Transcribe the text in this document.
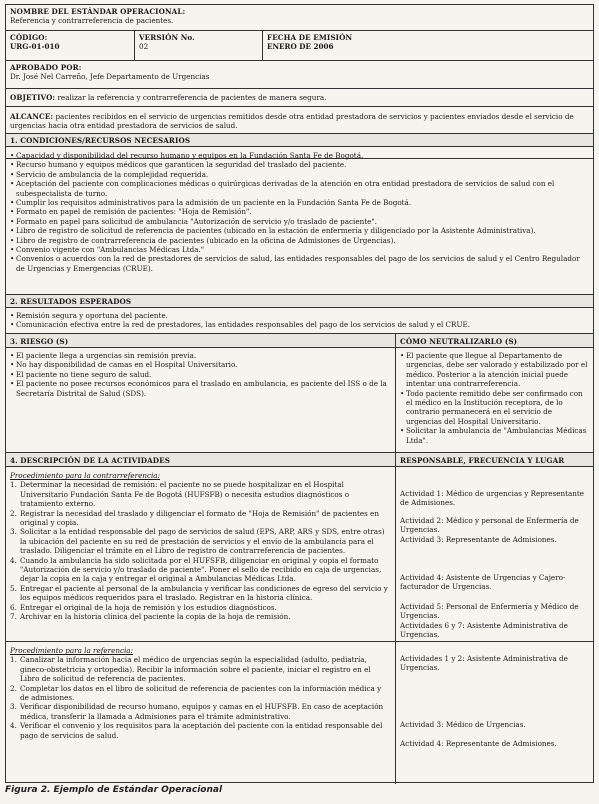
NOMBRE DEL ESTÁNDAR OPERACIONAL:
Referencia y contrarreferencia de pacientes.
CÓDIGO:
URG-01-010
VERSIÓN No.
02
FECHA DE EMISIÓN
ENERO DE 2006
APROBADO POR:
Dr. José Nel Carreño, Jefe Departamento de Urgencias
OBJETIVO: realizar la referencia y contrarreferencia de pacientes de manera segura.
ALCANCE: pacientes recibidos en el servicio de urgencias remitidos desde otra entidad prestadora de servicios y pacientes enviados desde el servicio de urgencias hacia otra entidad prestadora de servicios de salud.
1. CONDICIONES/RECURSOS NECESARIOS
• Capacidad y disponibilidad del recurso humano y equipos en la Fundación Santa Fe de Bogotá.
• Recurso humano y equipos médicos que garanticen la seguridad del traslado del paciente.
• Servicio de ambulancia de la complejidad requerida.
• Aceptación del paciente con complicaciones médicas o quirúrgicas derivadas de la atención en otra entidad prestadora de servicios de salud con el subespecialista de turno.
• Cumplir los requisitos administrativos para la admisión de un paciente en la Fundación Santa Fe de Bogotá.
• Formato en papel de remisión de pacientes: "Hoja de Remisión".
• Formato en papel para solicitud de ambulancia "Autorización de servicio y/o traslado de paciente".
• Libro de registro de solicitud de referencia de pacientes (ubicado en la estación de enfermería y diligenciado por la Asistente Administrativa).
• Libro de registro de contrarreferencia de pacientes (ubicado en la oficina de Admisiones de Urgencias).
• Convenio vigente con "Ambulancias Médicas Ltda."
• Convenios o acuerdos con la red de prestadores de servicios de salud, las entidades responsables del pago de los servicios de salud y el Centro Regulador de Urgencias y Emergencias (CRUE).
2. RESULTADOS ESPERADOS
• Remisión segura y oportuna del paciente.
• Comunicación efectiva entre la red de prestadores, las entidades responsables del pago de los servicios de salud y el CRUE.
3. RIESGO (S)	CÓMO NEUTRALIZARLO (S)
• El paciente llega a urgencias sin remisión previa.
• No hay disponibilidad de camas en el Hospital Universitario.
• El paciente no tiene seguro de salud.
• El paciente no posee recursos económicos para el traslado en ambulancia, es paciente del ISS o de la Secretaría Distrital de Salud (SDS).
• El paciente que llegue al Departamento de urgencias, debe ser valorado y estabilizado por el médico. Posterior a la atención inicial puede intentar una contrarreferencia.
• Todo paciente remitido debe ser confirmado con el médico en la Institución receptora, de lo contrario permanecerá en el servicio de urgencias del Hospital Universitario.
• Solicitar la ambulancia de "Ambulancias Médicas Ltda".
4. DESCRIPCIÓN DE LA ACTIVIDADES	RESPONSABLE, FRECUENCIA Y LUGAR
Procedimiento para la contrarreferencia:
1. Determinar la necesidad de remisión: el paciente no se puede hospitalizar en el Hospital Universitario Fundación Santa Fe de Bogotá (HUFSFB) o necesita estudios diagnósticos o tratamiento externo.
2. Registrar la necesidad del traslado y diligenciar el formato de "Hoja de Remisión" de pacientes en original y copia.
3. Solicitar a la entidad responsable del pago de servicios de salud (EPS, ARP, ARS y SDS, entre otras) la ubicación del paciente en su red de prestación de servicios y el envío de la ambulancia para el traslado. Diligenciar el trámite en el Libro de registro de contrarreferencia de pacientes.
4. Cuando la ambulancia ha sido solicitada por el HUFSFB, diligenciar en original y copia el formato "Autorización de servicio y/o traslado de paciente". Poner el sello de recibido en caja de urgencias, dejar la copia en la caja y entregar el original a Ambulancias Médicas Ltda.
5. Entregar el paciente al personal de la ambulancia y verificar las condiciones de egreso del servicio y los equipos médicos requeridos para el traslado. Registrar en la historia clínica.
6. Entregar el original de la hoja de remisión y los estudios diagnósticos.
7. Archivar en la historia clínica del paciente la copia de la hoja de remisión.
Actividad 1: Médico de urgencias y Representante de Admisiones.
Actividad 2: Médico y personal de Enfermería de Urgencias.
Actividad 3: Representante de Admisiones.
Actividad 4: Asistente de Urgencias y Cajero-facturador de Urgencias.
Actividad 5: Personal de Enfermería y Médico de Urgencias.
Actividades 6 y 7: Asistente Administrativa de Urgencias.
Procedimiento para la referencia:
1. Canalizar la información hacia el médico de urgencias según la especialidad (adulto, pediatría, gineco-obstetricia y ortopedia). Recibir la información sobre el paciente, iniciar el registro en el Libro de solicitud de referencia de pacientes.
2. Completar los datos en el libro de solicitud de referencia de pacientes con la información médica y de admisiones.
3. Verificar disponibilidad de recurso humano, equipos y camas en el HUFSFB. En caso de aceptación médica, transferir la llamada a Admisiones para el trámite administrativo.
4. Verificar el convenio y los requisitos para la aceptación del paciente con la entidad responsable del pago de servicios de salud.
Actividades 1 y 2: Asistente Administrativa de Urgencias.
Actividad 3: Médico de Urgencias.
Actividad 4: Representante de Admisiones.
Figura 2. Ejemplo de Estándar Operacional
